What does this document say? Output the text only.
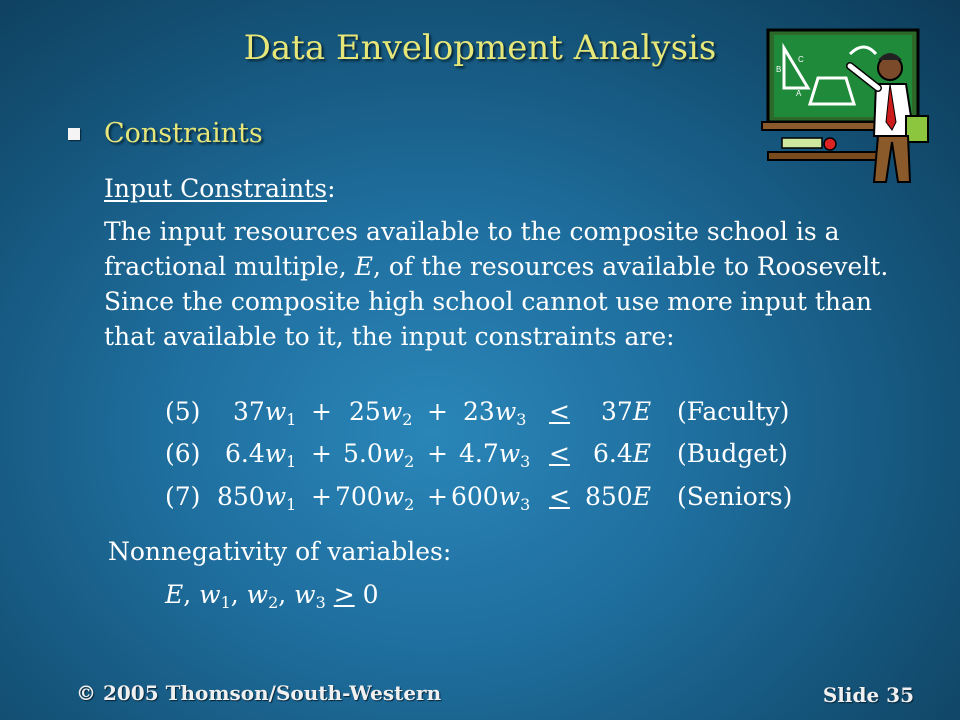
Data Envelopment Analysis
B
C
A
Constraints
Input Constraints:
The input resources available to the composite school is a fractional multiple, E, of the resources available to Roosevelt. Since the composite high school cannot use more input than that available to it, the input constraints are:
(5) $37w_1 + 25w_2 + 23w_3 \le 37E$ (Faculty)
(6) $6.4w_1 + 5.0w_2 + 4.7w_3 \le 6.4E$ (Budget)
(7) $850w_1 + 700w_2 + 600w_3 \le 850E$ (Seniors)
Nonnegativity of variables:
E, $w_1$, $w_2$, $w_3 \ge 0$
© 2005 Thomson/South-Western	Slide 35
